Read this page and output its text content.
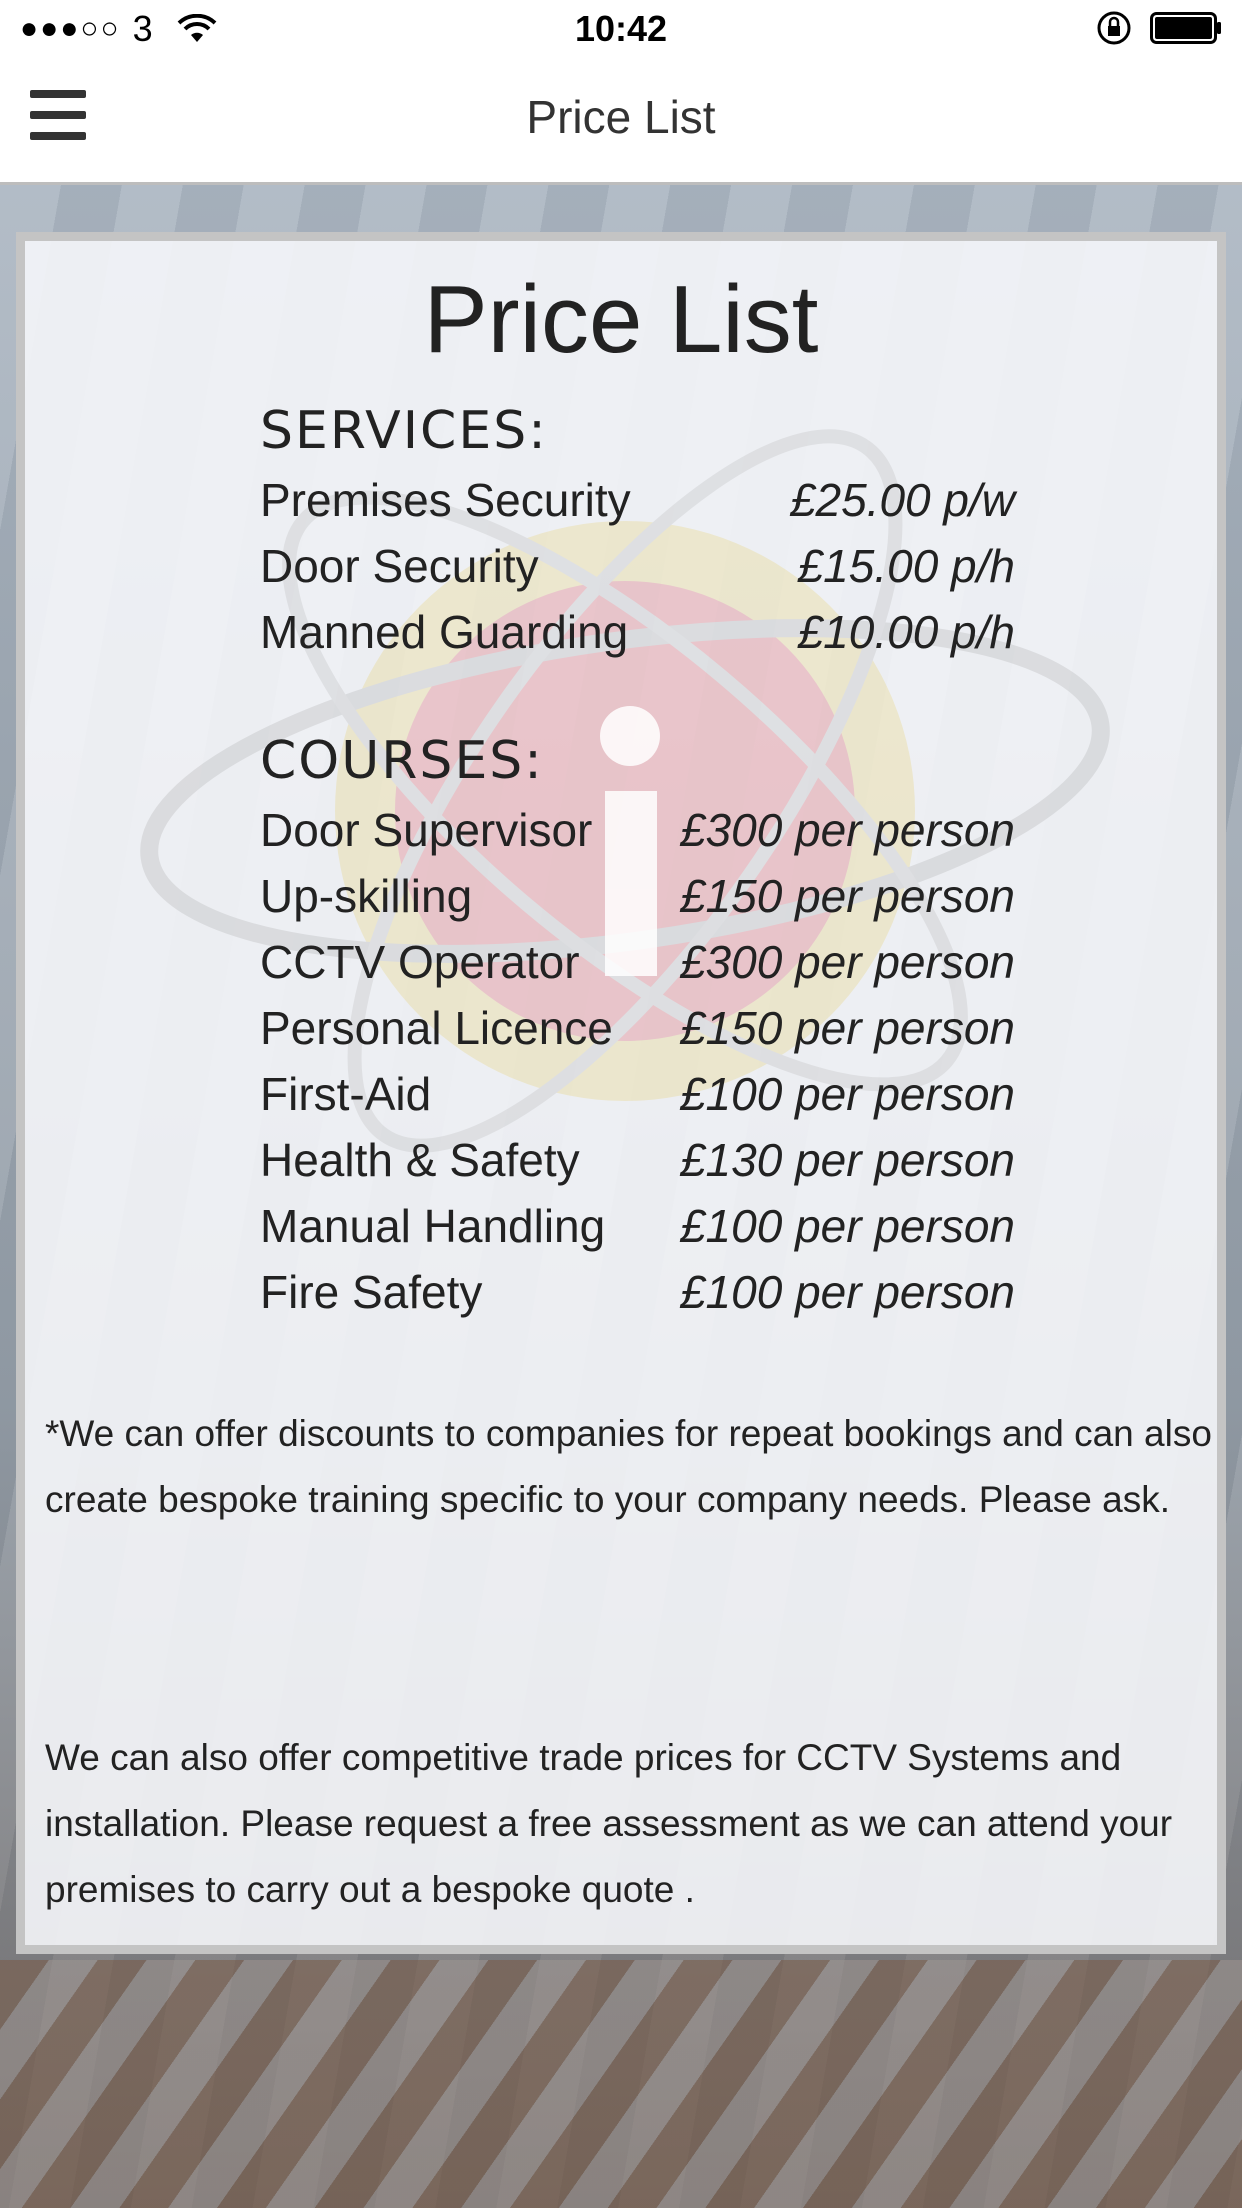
●●●○○ 3	10:42
Price List
Price List
SERVICES:
Premises Security	£25.00 p/w
Door Security	£15.00 p/h
Manned Guarding	£10.00 p/h
COURSES:
Door Supervisor £300 per person
Up-skilling	£150 per person
CCTV Operator £300 per person
Personal Licence £150 per person
First-Aid	£100 per person
Health & Safety £130 per person
Manual Handling £100 per person
Fire Safety	£100 per person
*We can offer discounts to companies for repeat bookings and can also create bespoke training specific to your company needs. Please ask.
We can also offer competitive trade prices for CCTV Systems and installation. Please request a free assessment as we can attend your premises to carry out a bespoke quote .
